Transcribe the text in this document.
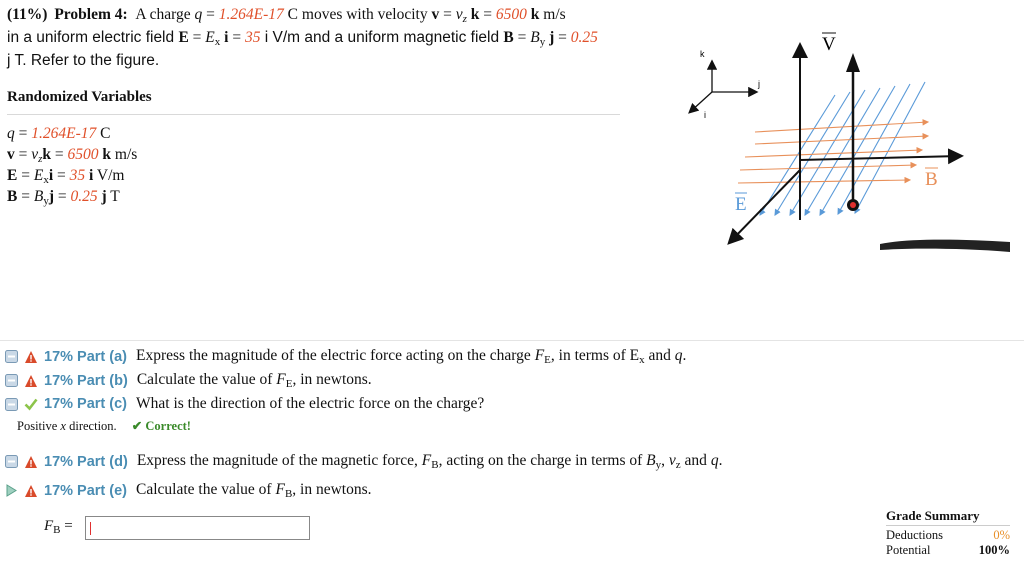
(11%) Problem 4: A charge q = 1.264E-17 C moves with velocity $v = v_z$ k = 6500 k m/s
in a uniform electric field $E = E_x$ i = 35 i V/m and a uniform magnetic field $B = B_y$ j = 0.25
j T. Refer to the figure.
Randomized Variables
q = 1.264E-17 C
$v = v_zk = 6500$ k m/s
$E = E_xi = 35$ i V/m
$B = B_yj = 0.25$ j T
k
j
i
V
B
E
17% Part (a) Express the magnitude of the electric force acting on the charge $F_E$, in terms of $E_x$ and q.
17% Part (b) Calculate the value of $F_E$, in newtons.
17% Part (c) What is the direction of the electric force on the charge?
Positive x direction. ✔ Correct!
17% Part (d) Express the magnitude of the magnetic force, $F_B$, acting on the charge in terms of $B_y$, $v_z$ and q.
17% Part (e) Calculate the value of $F_B$, in newtons.
$F_B$ =
Grade Summary
Deductions	0%
Potential	100%
